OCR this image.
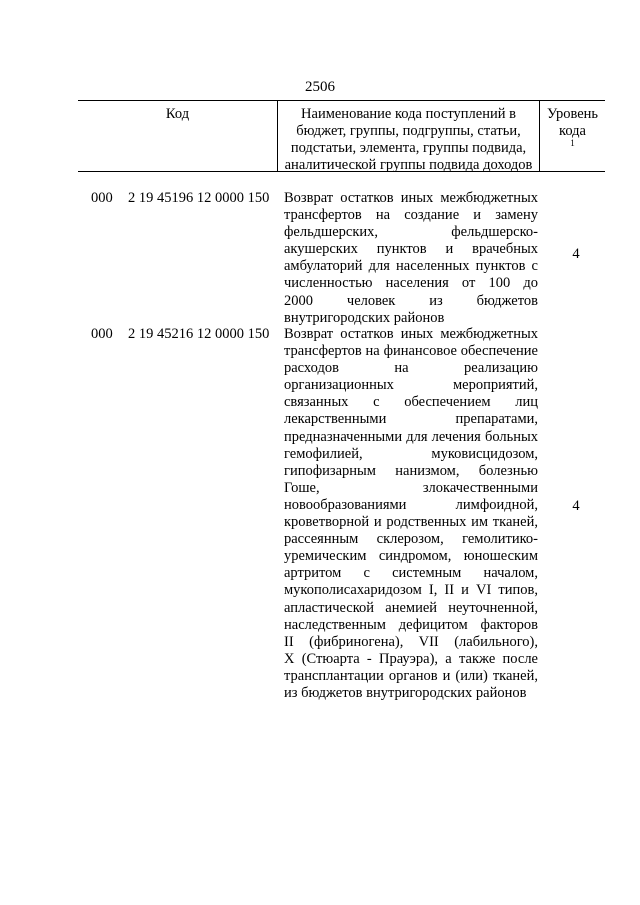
2506
Код	Наименование кода поступлений в
бюджет, группы, подгруппы, статьи,
подстатьи, элемента, группы подвида,
аналитической группы подвида доходов
Уровень
кода
$^1$
000 2 19 45196 12 0000 150 Возврат остатков иных межбюджетных
трансфертов на создание и замену
фельдшерских, фельдшерско-
акушерских пунктов и врачебных
амбулаторий для населенных пунктов с
численностью населения от 100 до
2000 человек из бюджетов
внутригородских районов
4
000 2 19 45216 12 0000 150 Возврат остатков иных межбюджетных
трансфертов на финансовое обеспечение
расходов на реализацию
организационных мероприятий,
связанных с обеспечением лиц
лекарственными препаратами,
предназначенными для лечения больных
гемофилией, муковисцидозом,
гипофизарным нанизмом, болезнью
Гоше, злокачественными
новообразованиями лимфоидной,
кроветворной и родственных им тканей,
рассеянным склерозом, гемолитико-
уремическим синдромом, юношеским
артритом с системным началом,
мукополисахаридозом I, II и VI типов,
апластической анемией неуточненной,
наследственным дефицитом факторов
II (фибриногена), VII (лабильного),
X (Стюарта - Прауэра), а также после
трансплантации органов и (или) тканей,
из бюджетов внутригородских районов
4
